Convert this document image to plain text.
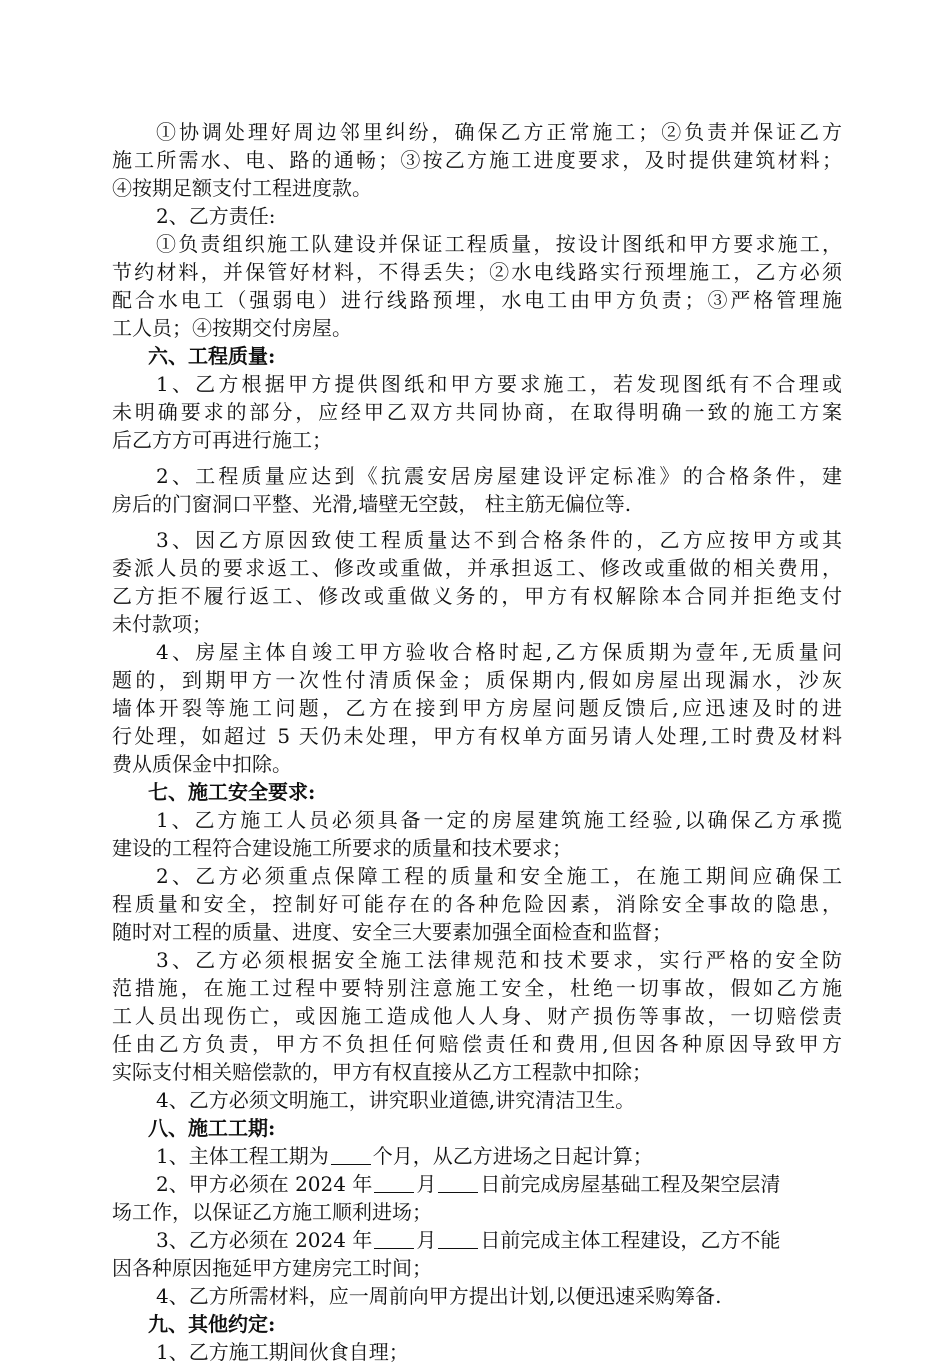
①协调处理好周边邻里纠纷，确保乙方正常施工；②负责并保证乙方
施工所需水、电、路的通畅；③按乙方施工进度要求，及时提供建筑材料；
④按期足额支付工程进度款。
2、乙方责任:
①负责组织施工队建设并保证工程质量，按设计图纸和甲方要求施工，
节约材料，并保管好材料，不得丢失；②水电线路实行预埋施工，乙方必须
配合水电工（强弱电）进行线路预埋，水电工由甲方负责；③严格管理施
工人员；④按期交付房屋。
六、工程质量:
1、乙方根据甲方提供图纸和甲方要求施工，若发现图纸有不合理或
未明确要求的部分，应经甲乙双方共同协商，在取得明确一致的施工方案
后乙方方可再进行施工；
2、工程质量应达到《抗震安居房屋建设评定标准》的合格条件，建
房后的门窗洞口平整、光滑,墙壁无空鼓， 柱主筋无偏位等.
3、因乙方原因致使工程质量达不到合格条件的，乙方应按甲方或其
委派人员的要求返工、修改或重做，并承担返工、修改或重做的相关费用，
乙方拒不履行返工、修改或重做义务的，甲方有权解除本合同并拒绝支付
未付款项；
4、房屋主体自竣工甲方验收合格时起,乙方保质期为壹年,无质量问
题的，到期甲方一次性付清质保金；质保期内,假如房屋出现漏水，沙灰
墙体开裂等施工问题，乙方在接到甲方房屋问题反馈后,应迅速及时的进
行处理，如超过 5 天仍未处理，甲方有权单方面另请人处理,工时费及材料
费从质保金中扣除。
七、施工安全要求:
1、乙方施工人员必须具备一定的房屋建筑施工经验,以确保乙方承揽
建设的工程符合建设施工所要求的质量和技术要求；
2、乙方必须重点保障工程的质量和安全施工，在施工期间应确保工
程质量和安全，控制好可能存在的各种危险因素，消除安全事故的隐患，
随时对工程的质量、进度、安全三大要素加强全面检查和监督；
3、乙方必须根据安全施工法律规范和技术要求，实行严格的安全防
范措施，在施工过程中要特别注意施工安全，杜绝一切事故，假如乙方施
工人员出现伤亡，或因施工造成他人人身、财产损伤等事故，一切赔偿责
任由乙方负责，甲方不负担任何赔偿责任和费用,但因各种原因导致甲方
实际支付相关赔偿款的，甲方有权直接从乙方工程款中扣除；
4、乙方必须文明施工，讲究职业道德,讲究清洁卫生。
八、施工工期:
1、主体工程工期为 个月，从乙方进场之日起计算；
2、甲方必须在 2024 年 月 日前完成房屋基础工程及架空层清
场工作，以保证乙方施工顺利进场；
3、乙方必须在 2024 年 月 日前完成主体工程建设，乙方不能
因各种原因拖延甲方建房完工时间；
4、乙方所需材料，应一周前向甲方提出计划,以便迅速采购筹备.
九、其他约定:
1、乙方施工期间伙食自理；
